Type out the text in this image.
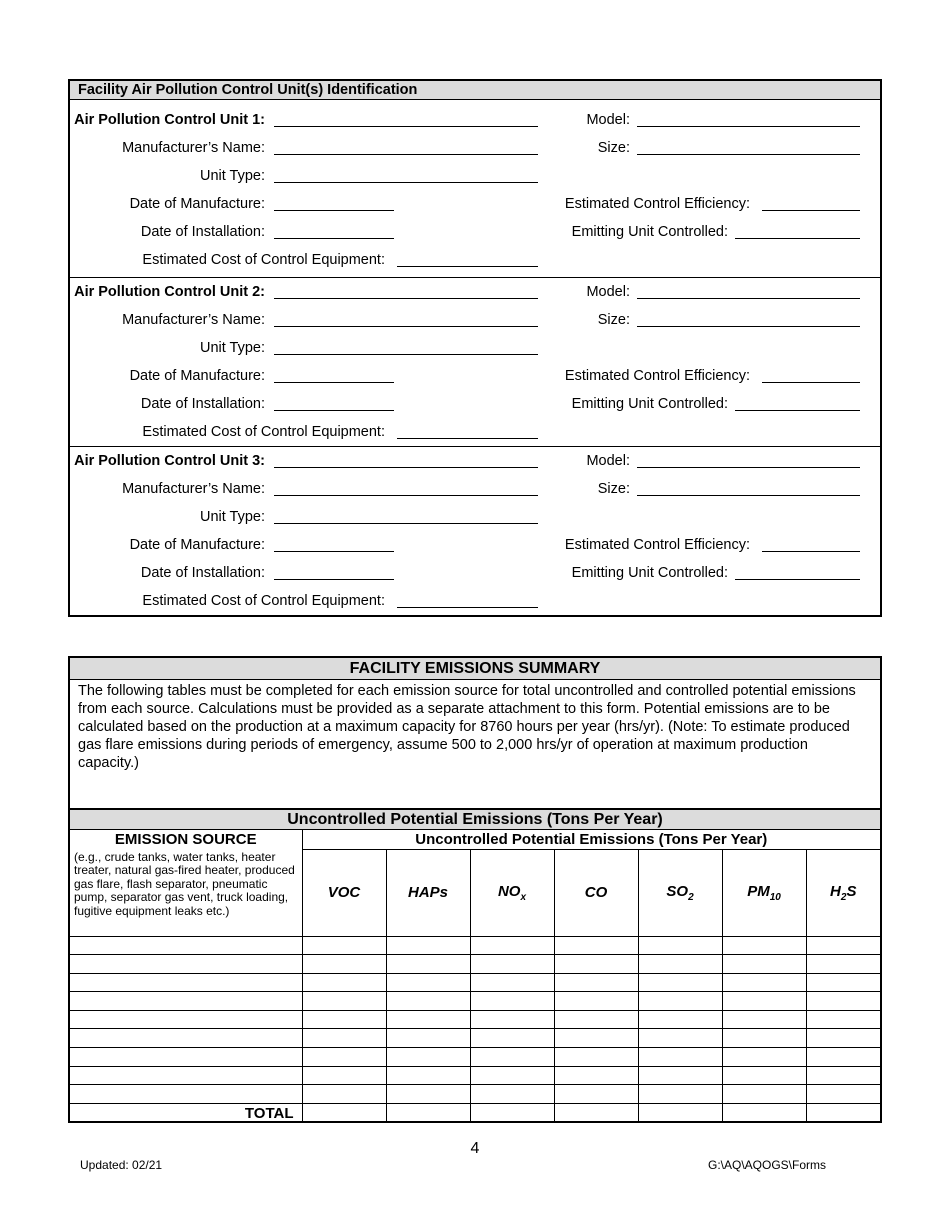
Facility Air Pollution Control Unit(s) Identification
Air Pollution Control Unit 1:	Model:
Manufacturer’s Name:	Size:
Unit Type:
Date of Manufacture:	Estimated Control Efficiency:
Date of Installation:	Emitting Unit Controlled:
Estimated Cost of Control Equipment:
Air Pollution Control Unit 2:	Model:
Manufacturer’s Name:	Size:
Unit Type:
Date of Manufacture:	Estimated Control Efficiency:
Date of Installation:	Emitting Unit Controlled:
Estimated Cost of Control Equipment:
Air Pollution Control Unit 3:	Model:
Manufacturer’s Name:	Size:
Unit Type:
Date of Manufacture:	Estimated Control Efficiency:
Date of Installation:	Emitting Unit Controlled:
Estimated Cost of Control Equipment:
FACILITY EMISSIONS SUMMARY
The following tables must be completed for each emission source for total uncontrolled and controlled potential emissions from each source. Calculations must be provided as a separate attachment to this form. Potential emissions are to be calculated based on the production at a maximum capacity for 8760 hours per year (hrs/yr). (Note: To estimate produced gas flare emissions during periods of emergency, assume 500 to 2,000 hrs/yr of operation at maximum production capacity.)
Uncontrolled Potential Emissions (Tons Per Year)
EMISSION SOURCE	Uncontrolled Potential Emissions (Tons Per Year)						
(e.g., crude tanks, water tanks, heater treater, natural gas-fired heater, produced gas flare, flash separator, pneumatic pump, separator gas vent, truck loading, fugitive equipment leaks etc.)	VOC	HAPs	$NO_x$	CO	$SO_2$	$PM_{10}$	$H_2S$

TOTAL							
4
Updated: 02/21	G:\AQ\AQOGS\Forms
